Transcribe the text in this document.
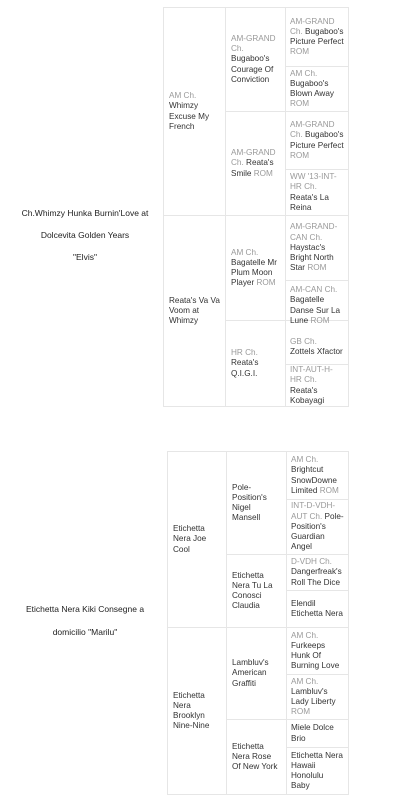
Ch.Whimzy Hunka Burnin'Love at
Dolcevita Golden Years
"Elvis"
AM Ch.
Whimzy Excuse My French
Reata's Va Va Voom at Whimzy
AM-GRAND Ch.
Bugaboo's Courage Of Conviction
AM-GRAND Ch. Reata's Smile ROM
AM Ch.
Bagatelle Mr Plum Moon Player ROM
HR Ch.
Reata's Q.I.G.I.
AM-GRAND Ch. Bugaboo's Picture Perfect ROM
AM Ch. Bugaboo's Blown Away ROM
AM-GRAND Ch. Bugaboo's Picture Perfect ROM
WW '13-INT-HR Ch. Reata's La Reina
AM-GRAND-CAN Ch. Haystac's Bright North Star ROM
AM-CAN Ch. Bagatelle Danse Sur La Lune ROM
GB Ch.
Zottels Xfactor
INT-AUT-H-HR Ch. Reata's Kobayagi
Etichetta Nera Kiki Consegne a
domicilio "Marilu"
Etichetta Nera Joe Cool
Etichetta Nera Brooklyn Nine-Nine
Pole-Position's Nigel Mansell
Etichetta Nera Tu La Conosci Claudia
Lambluv's American Graffiti
Etichetta Nera Rose Of New York
AM Ch. Brightcut SnowDowne Limited ROM
INT-D-VDH-AUT Ch. Pole-Position's Guardian Angel
D-VDH Ch. Dangerfreak's Roll The Dice
Elendil Etichetta Nera
AM Ch. Furkeeps Hunk Of Burning Love
AM Ch. Lambluv's Lady Liberty ROM
Miele Dolce Brio
Etichetta Nera Hawaii Honolulu Baby
